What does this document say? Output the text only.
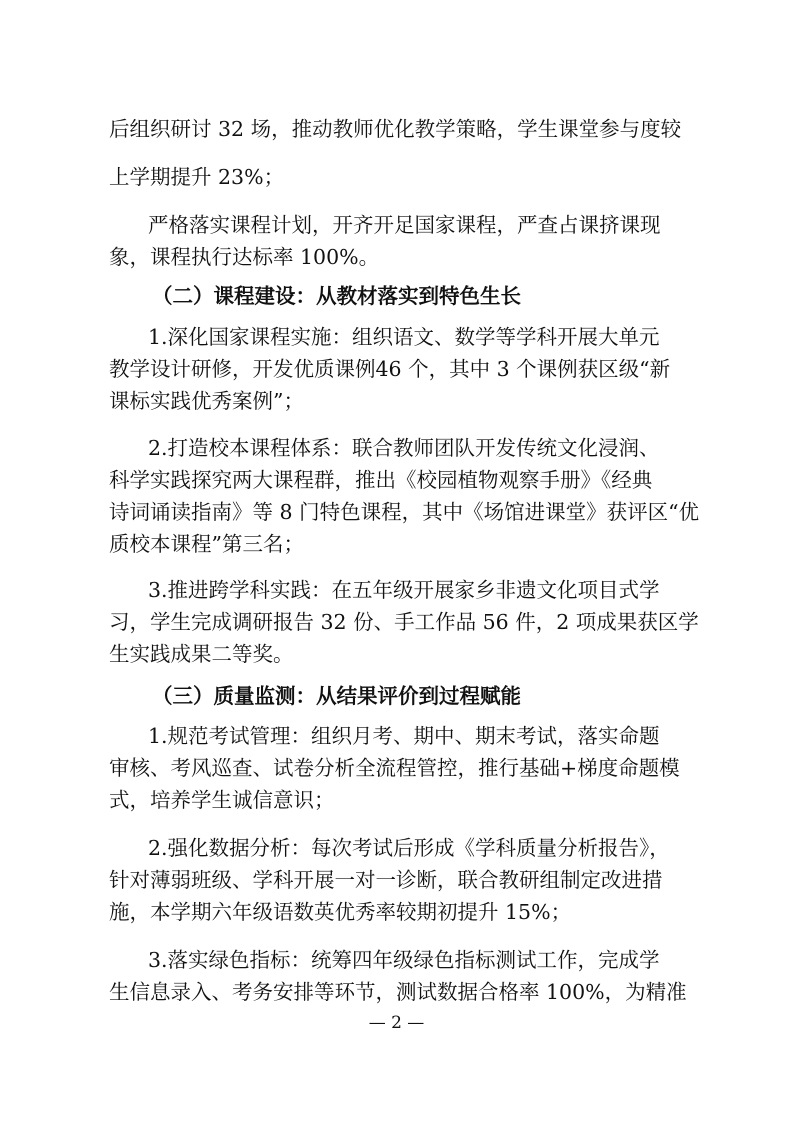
后组织研讨 32 场，推动教师优化教学策略，学生课堂参与度较
上学期提升 23%；
严格落实课程计划，开齐开足国家课程，严查占课挤课现
象，课程执行达标率 100%。
（二）课程建设：从教材落实到特色生长
1.深化国家课程实施：组织语文、数学等学科开展大单元
教学设计研修，开发优质课例46 个，其中 3 个课例获区级“新
课标实践优秀案例”；
2.打造校本课程体系：联合教师团队开发传统文化浸润、
科学实践探究两大课程群，推出《校园植物观察手册》《经典
诗词诵读指南》等 8 门特色课程，其中《场馆进课堂》获评区“优
质校本课程”第三名；
3.推进跨学科实践：在五年级开展家乡非遗文化项目式学
习，学生完成调研报告 32 份、手工作品 56 件，2 项成果获区学
生实践成果二等奖。
（三）质量监测：从结果评价到过程赋能
1.规范考试管理：组织月考、期中、期末考试，落实命题
审核、考风巡查、试卷分析全流程管控，推行基础+梯度命题模
式，培养学生诚信意识；
2.强化数据分析：每次考试后形成《学科质量分析报告》，
针对薄弱班级、学科开展一对一诊断，联合教研组制定改进措
施，本学期六年级语数英优秀率较期初提升 15%；
3.落实绿色指标：统筹四年级绿色指标测试工作，完成学
生信息录入、考务安排等环节，测试数据合格率 100%，为精准
— 2 —
